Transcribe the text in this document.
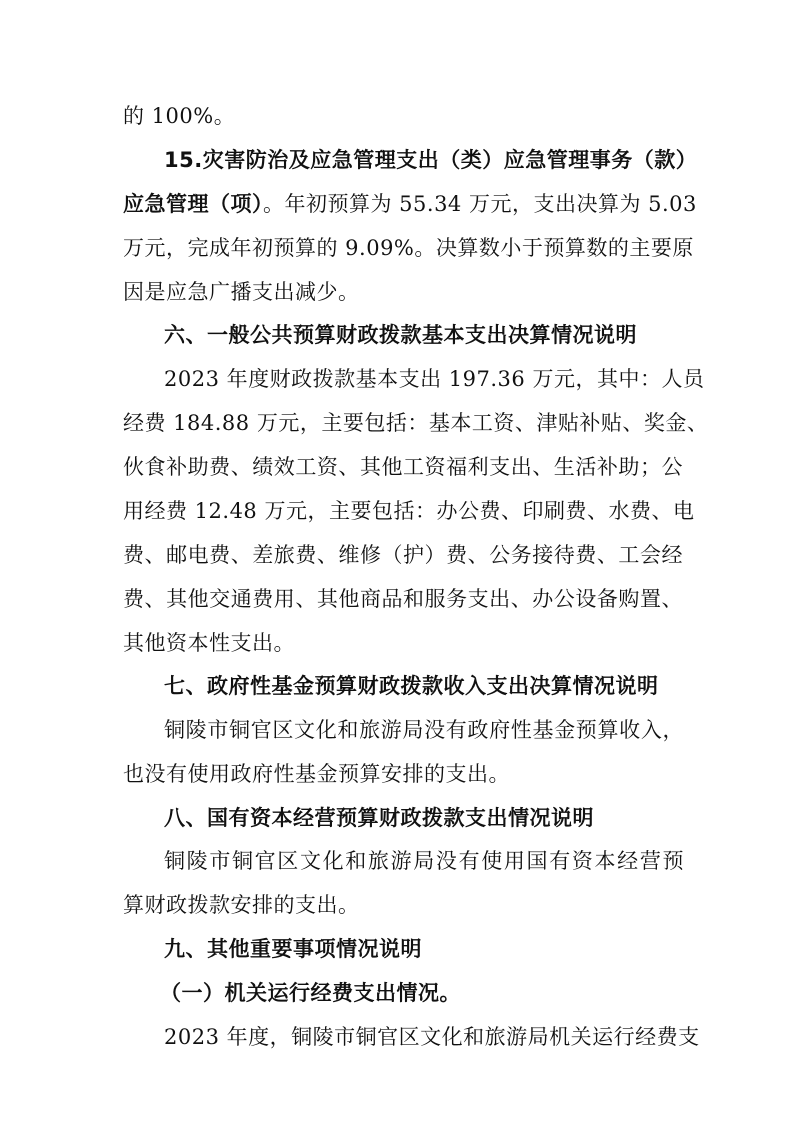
的 100%。
15.灾害防治及应急管理支出（类）应急管理事务（款）
应急管理（项）。年初预算为 55.34 万元，支出决算为 5.03
万元，完成年初预算的 9.09%。决算数小于预算数的主要原
因是应急广播支出减少。
六、一般公共预算财政拨款基本支出决算情况说明
2023 年度财政拨款基本支出 197.36 万元，其中：人员
经费 184.88 万元，主要包括：基本工资、津贴补贴、奖金、
伙食补助费、绩效工资、其他工资福利支出、生活补助；公
用经费 12.48 万元，主要包括：办公费、印刷费、水费、电
费、邮电费、差旅费、维修（护）费、公务接待费、工会经
费、其他交通费用、其他商品和服务支出、办公设备购置、
其他资本性支出。
七、政府性基金预算财政拨款收入支出决算情况说明
铜陵市铜官区文化和旅游局没有政府性基金预算收入，
也没有使用政府性基金预算安排的支出。
八、国有资本经营预算财政拨款支出情况说明
铜陵市铜官区文化和旅游局没有使用国有资本经营预
算财政拨款安排的支出。
九、其他重要事项情况说明
（一）机关运行经费支出情况。
2023 年度，铜陵市铜官区文化和旅游局机关运行经费支
